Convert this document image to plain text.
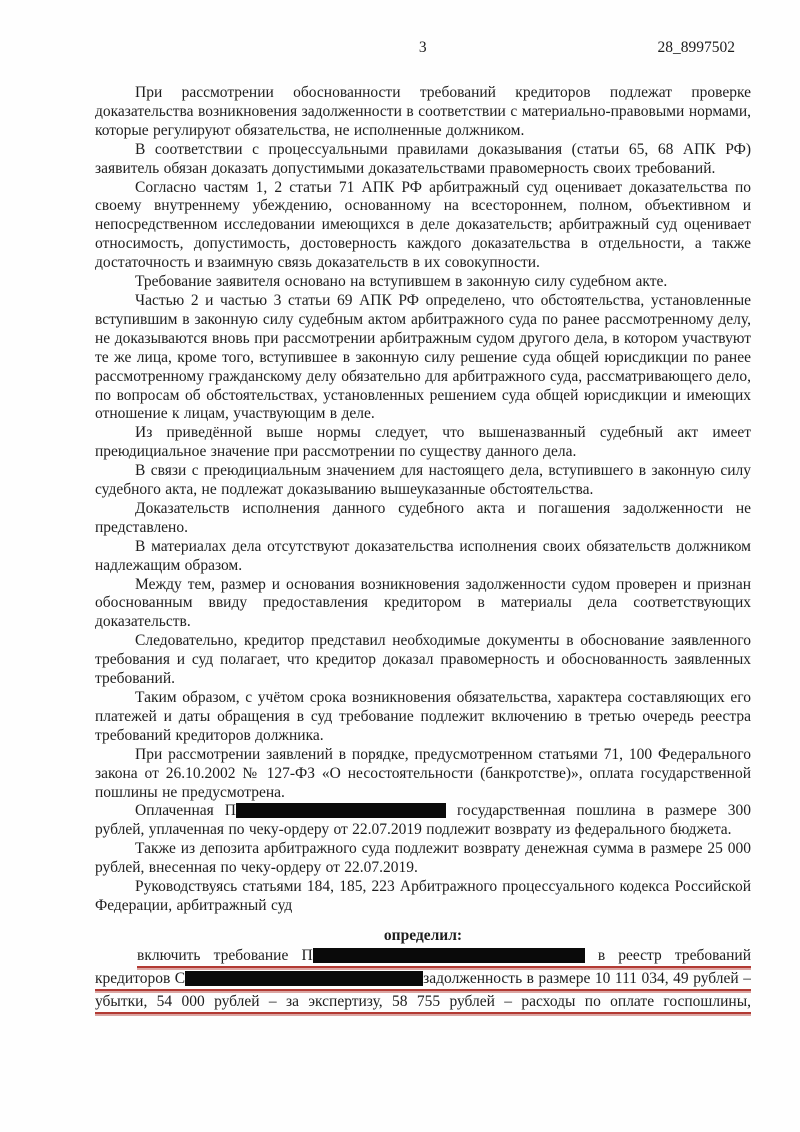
3	28_8997502

При рассмотрении обоснованности требований кредиторов подлежат проверке доказательства возникновения задолженности в соответствии с материально-правовыми нормами, которые регулируют обязательства, не исполненные должником.

В соответствии с процессуальными правилами доказывания (статьи 65, 68 АПК РФ) заявитель обязан доказать допустимыми доказательствами правомерность своих требований.

Согласно частям 1, 2 статьи 71 АПК РФ арбитражный суд оценивает доказательства по своему внутреннему убеждению, основанному на всестороннем, полном, объективном и непосредственном исследовании имеющихся в деле доказательств; арбитражный суд оценивает относимость, допустимость, достоверность каждого доказательства в отдельности, а также достаточность и взаимную связь доказательств в их совокупности.

Требование заявителя основано на вступившем в законную силу судебном акте.

Частью 2 и частью 3 статьи 69 АПК РФ определено, что обстоятельства, установленные вступившим в законную силу судебным актом арбитражного суда по ранее рассмотренному делу, не доказываются вновь при рассмотрении арбитражным судом другого дела, в котором участвуют те же лица, кроме того, вступившее в законную силу решение суда общей юрисдикции по ранее рассмотренному гражданскому делу обязательно для арбитражного суда, рассматривающего дело, по вопросам об обстоятельствах, установленных решением суда общей юрисдикции и имеющих отношение к лицам, участвующим в деле.

Из приведённой выше нормы следует, что вышеназванный судебный акт имеет преюдициальное значение при рассмотрении по существу данного дела.

В связи с преюдициальным значением для настоящего дела, вступившего в законную силу судебного акта, не подлежат доказыванию вышеуказанные обстоятельства.

Доказательств исполнения данного судебного акта и погашения задолженности не представлено.

В материалах дела отсутствуют доказательства исполнения своих обязательств должником надлежащим образом.

Между тем, размер и основания возникновения задолженности судом проверен и признан обоснованным ввиду предоставления кредитором в материалы дела соответствующих доказательств.

Следовательно, кредитор представил необходимые документы в обоснование заявленного требования и суд полагает, что кредитор доказал правомерность и обоснованность заявленных требований.

Таким образом, с учётом срока возникновения обязательства, характера составляющих его платежей и даты обращения в суд требование подлежит включению в третью очередь реестра требований кредиторов должника.

При рассмотрении заявлений в порядке, предусмотренном статьями 71, 100 Федерального закона от 26.10.2002 № 127-ФЗ «О несостоятельности (банкротстве)», оплата государственной пошлины не предусмотрена.

Оплаченная П	государственная пошлина в размере 300 рублей, уплаченная по чеку-ордеру от 22.07.2019 подлежит возврату из федерального бюджета.

Также из депозита арбитражного суда подлежит возврату денежная сумма в размере 25 000 рублей, внесенная по чеку-ордеру от 22.07.2019.

Руководствуясь статьями 184, 185, 223 Арбитражного процессуального кодекса Российской Федерации, арбитражный суд

определил:

включить требование П	в реестр требований
кредиторов С	задолженность в размере 10 111 034, 49 рублей –
убытки, 54 000 рублей – за экспертизу, 58 755 рублей – расходы по оплате госпошлины,
